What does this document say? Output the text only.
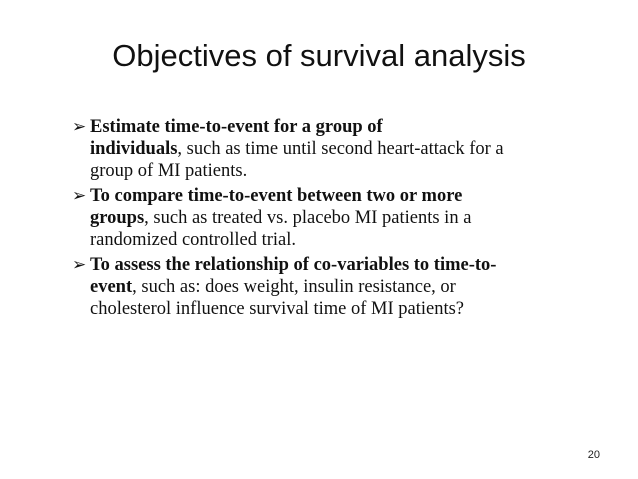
Objectives of survival analysis
➢ Estimate time-to-event for a group of
individuals, such as time until second heart-attack for a
group of MI patients.
➢ To compare time-to-event between two or more
groups, such as treated vs. placebo MI patients in a
randomized controlled trial.
➢ To assess the relationship of co-variables to time-to-
event, such as: does weight, insulin resistance, or
cholesterol influence survival time of MI patients?
20
